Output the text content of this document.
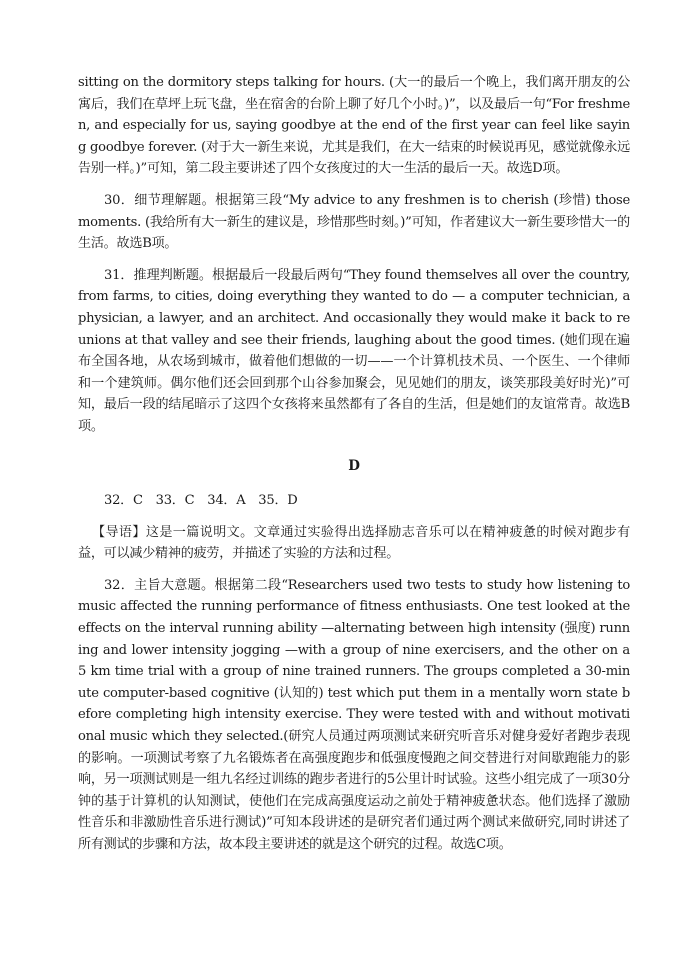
sitting on the dormitory steps talking for hours. (大一的最后一个晚上，我们离开朋友的公寓后，我们在草坪上玩飞盘，坐在宿舍的台阶上聊了好几个小时。)”，以及最后一句“For freshmen, and especially for us, saying goodbye at the end of the first year can feel like saying goodbye forever. (对于大一新生来说，尤其是我们，在大一结束的时候说再见，感觉就像永远告别一样。)”可知，第二段主要讲述了四个女孩度过的大一生活的最后一天。故选D项。

30．细节理解题。根据第三段“My advice to any freshmen is to cherish (珍惜) those moments. (我给所有大一新生的建议是，珍惜那些时刻。)”可知，作者建议大一新生要珍惜大一的生活。故选B项。

31．推理判断题。根据最后一段最后两句“They found themselves all over the country, from farms, to cities, doing everything they wanted to do — a computer technician, a physician, a lawyer, and an architect. And occasionally they would make it back to reunions at that valley and see their friends, laughing about the good times. (她们现在遍布全国各地，从农场到城市，做着他们想做的一切——一个计算机技术员、一个医生、一个律师和一个建筑师。偶尔他们还会回到那个山谷参加聚会，见见她们的朋友，谈笑那段美好时光)”可知，最后一段的结尾暗示了这四个女孩将来虽然都有了各自的生活，但是她们的友谊常青。故选B项。

D

32．C　33．C　34．A　35．D

【导语】这是一篇说明文。文章通过实验得出选择励志音乐可以在精神疲惫的时候对跑步有益，可以减少精神的疲劳，并描述了实验的方法和过程。

32．主旨大意题。根据第二段“Researchers used two tests to study how listening to music affected the running performance of fitness enthusiasts. One test looked at the effects on the interval running ability —alternating between high intensity (强度) running and lower intensity jogging —with a group of nine exercisers, and the other on a 5 km time trial with a group of nine trained runners. The groups completed a 30-minute computer-based cognitive (认知的) test which put them in a mentally worn state before completing high intensity exercise. They were tested with and without motivational music which they selected.(研究人员通过两项测试来研究听音乐对健身爱好者跑步表现的影响。一项测试考察了九名锻炼者在高强度跑步和低强度慢跑之间交替进行对间歇跑能力的影响，另一项测试则是一组九名经过训练的跑步者进行的5公里计时试验。这些小组完成了一项30分钟的基于计算机的认知测试，使他们在完成高强度运动之前处于精神疲惫状态。他们选择了激励性音乐和非激励性音乐进行测试)”可知本段讲述的是研究者们通过两个测试来做研究,同时讲述了所有测试的步骤和方法，故本段主要讲述的就是这个研究的过程。故选C项。
